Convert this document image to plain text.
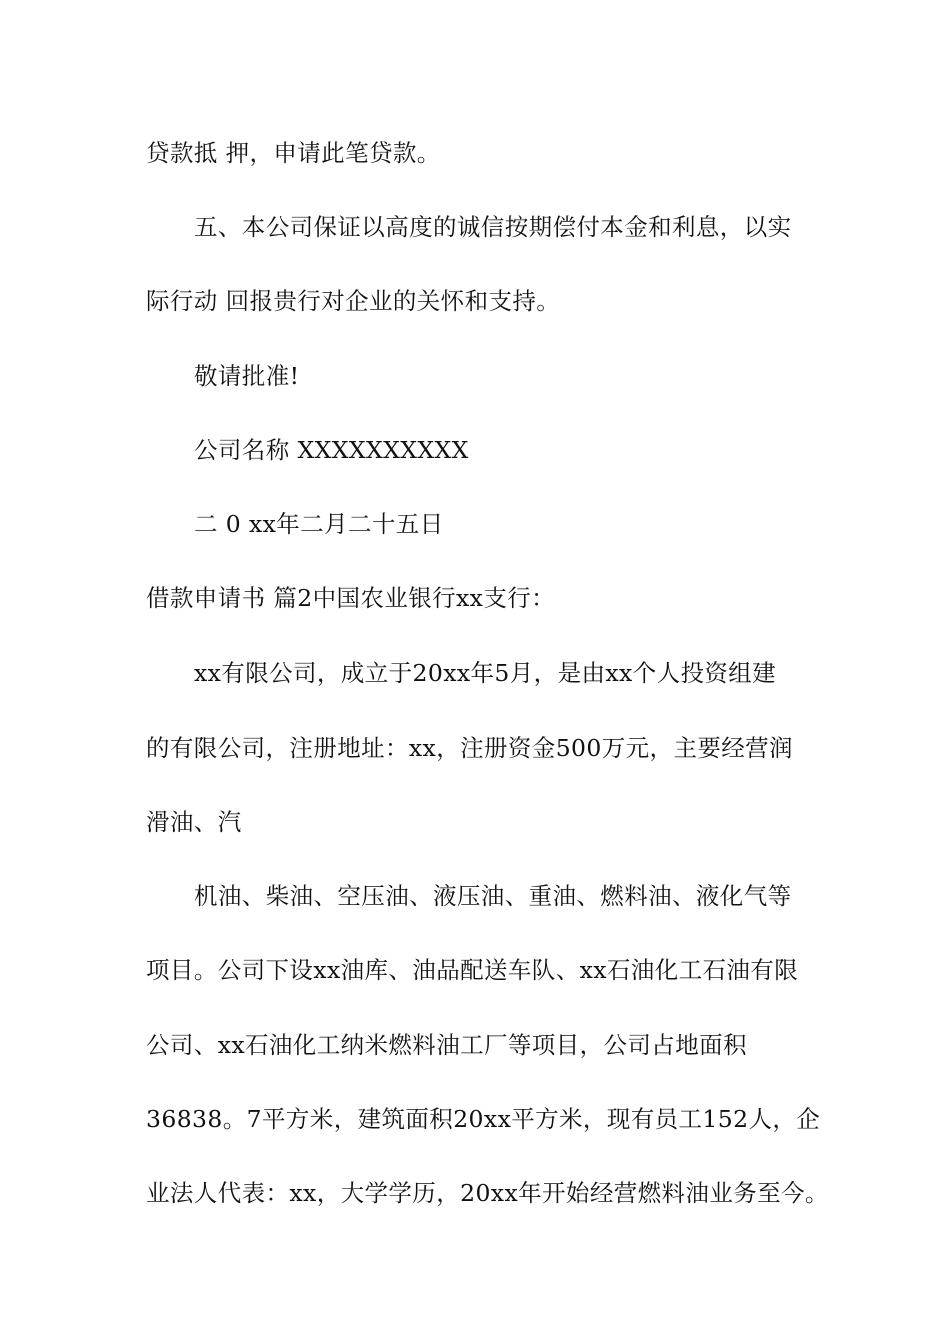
贷款抵 押，申请此笔贷款。
五、本公司保证以高度的诚信按期偿付本金和利息，以实
际行动 回报贵行对企业的关怀和支持。
敬请批准!
公司名称 XXXXXXXXXX
二 0 xx年二月二十五日
借款申请书 篇2中国农业银行xx支行：
xx有限公司，成立于20xx年5月，是由xx个人投资组建
的有限公司，注册地址：xx，注册资金500万元，主要经营润
滑油、汽
机油、柴油、空压油、液压油、重油、燃料油、液化气等
项目。公司下设xx油库、油品配送车队、xx石油化工石油有限
公司、xx石油化工纳米燃料油工厂等项目，公司占地面积
36838。7平方米，建筑面积20xx平方米，现有员工152人，企
业法人代表：xx，大学学历，20xx年开始经营燃料油业务至今。
